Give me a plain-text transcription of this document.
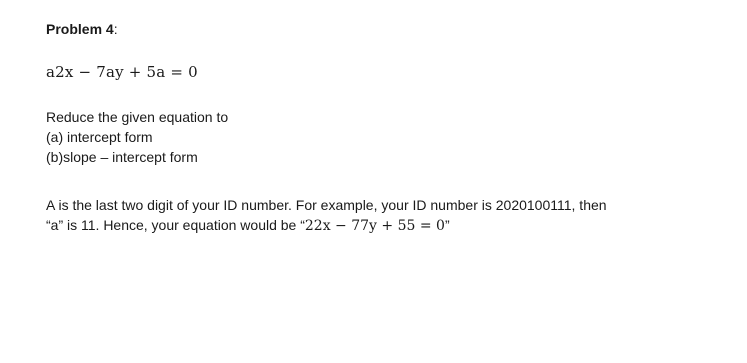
Problem 4:
a2x − 7ay + 5a = 0
Reduce the given equation to
(a) intercept form
(b)slope – intercept form
A is the last two digit of your ID number. For example, your ID number is 2020100111, then
“a” is 11. Hence, your equation would be “22x − 77y + 55 = 0”
